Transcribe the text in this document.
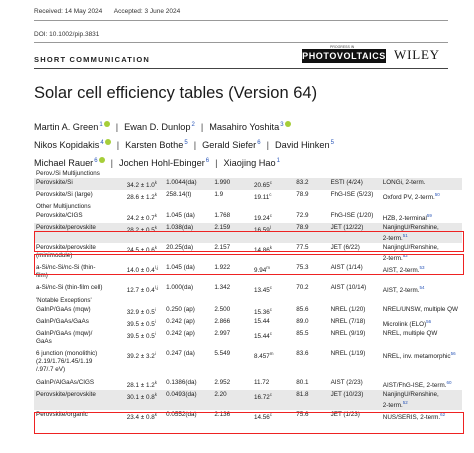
Received: 14 May 2024 Accepted: 3 June 2024
DOI: 10.1002/pip.3831
SHORT COMMUNICATION
PROGRESS IN
PHOTOVOLTAICS WILEY
Solar cell efficiency tables (Version 64)
Martin A. Green$^1$ | Ewan D. Dunlop$^2$ | Masahiro Yoshita$^3$
Nikos Kopidakis$^4$ | Karsten Bothe$^5$ | Gerald Siefer$^6$ | David Hinken$^5$
Michael Rauer$^6$ | Jochen Hohl-Ebinger$^6$ | Xiaojing Hao$^1$
Perov./Si Multijunctions							
Perovskite/Si	$34.2 \pm 1.0^k$	1.0044(da)	1.990	20.65$^c$	83.2	ESTI (4/24)	LONGi, 2-term.
Perovskite/Si (large)	$28.6 \pm 1.2^k$	258.14(t)	1.9	19.11$^c$	78.9	FhG-ISE (5/23)	Oxford PV, 2-term.$^{50}$
Other Multijunctions							
Perovskite/CIGS	$24.2 \pm 0.7^k$	1.045 (da)	1.768	19.24$^c$	72.9	FhG-ISE (1/20)	HZB, 2-terminal$^{59}$
Perovskite/perovskite	$28.2 \pm 0.5^k$	1.038(da)	2.159	16.59$^l$	78.9	JET (12/22)	NanjingU/Renshine,
2-term.$^{51}$
Perovskite/perovskite
(minimodule)	$24.5 \pm 0.6^k$	20.25(da)	2.157	14.86$^k$	77.5	JET (6/22)	NanjingU/Renshine,
2-term.$^{52}$
a-Si/nc-Si/nc-Si (thin-
film)	$14.0 \pm 0.4^{l,j}$	1.045 (da)	1.922	9.94$^m$	75.3	AIST (1/14)	AIST, 2-term.$^{53}$
a-Si/nc-Si (thin-film cell)	$12.7 \pm 0.4^{l,j}$	1.000(da)	1.342	13.45$^c$	70.2	AIST (10/14)	AIST, 2-term.$^{54}$
'Notable Exceptions'							
GaInP/GaAs (mqw)	$32.9 \pm 0.5^i$	0.250 (ap)	2.500	15.36$^c$	85.6	NREL (1/20)	NREL/UNSW, multiple QW
GaInP/GaAs/GaAs	$39.5 \pm 0.5^i$	0.242 (ap)	2.866	15.44	89.0	NREL (7/18)	Microlink (ELO)$^{56}$
GaInP/GaAs (mqw)/
GaAs	$39.5 \pm 0.5^i$	0.242 (ap)	2.997	15.44$^c$	85.5	NREL (9/19)	NREL, multiple QW
6 junction (monolithic)
(2.19/1.76/1.45/1.19
/.97/.7 eV)	$39.2 \pm 3.2^i$	0.247 (da)	5.549	8.457$^m$	83.6	NREL (1/19)	NREL, inv. metamorphic$^{56}$
GaInP/AlGaAs/CIGS	$28.1 \pm 1.2^k$	0.1386(da)	2.952	11.72	80.1	AIST (2/23)	AIST/FhG-ISE, 2-term.$^{60}$
Perovskite/perovskite	$30.1 \pm 0.8^k$	0.0493(da)	2.20	16.72$^c$	81.8	JET (10/23)	NanjingU/Renshine,
2-term.$^{52}$
Perovskite/organic	$23.4 \pm 0.8^k$	0.0552(da)	2.136	14.56$^c$	75.6	JET (1/23)	NUS/SERIS, 2-term.$^{62}$
